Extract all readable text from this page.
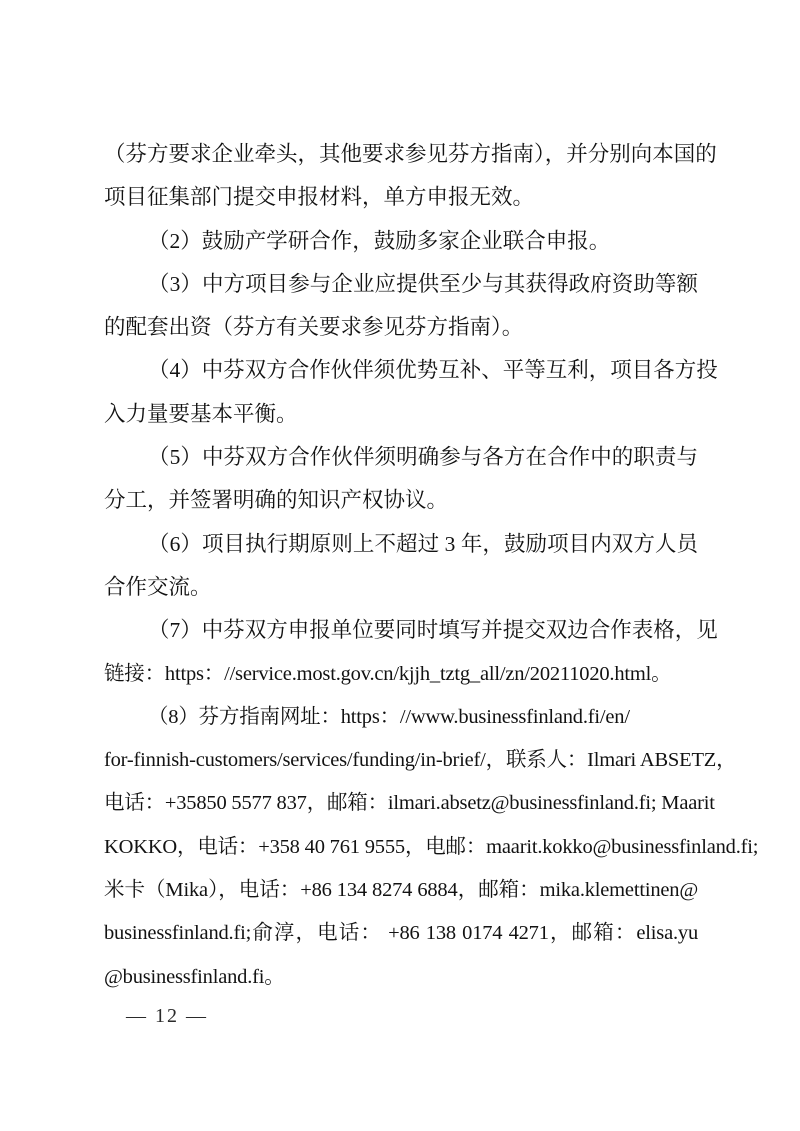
（芬方要求企业牵头，其他要求参见芬方指南），并分别向本国的
项目征集部门提交申报材料，单方申报无效。
（2）鼓励产学研合作，鼓励多家企业联合申报。
（3）中方项目参与企业应提供至少与其获得政府资助等额
的配套出资（芬方有关要求参见芬方指南）。
（4）中芬双方合作伙伴须优势互补、平等互利，项目各方投
入力量要基本平衡。
（5）中芬双方合作伙伴须明确参与各方在合作中的职责与
分工，并签署明确的知识产权协议。
（6）项目执行期原则上不超过 3 年，鼓励项目内双方人员
合作交流。
（7）中芬双方申报单位要同时填写并提交双边合作表格，见
链接：https：//service.most.gov.cn/kjjh_tztg_all/zn/20211020.html。
（8）芬方指南网址：https：//www.businessfinland.fi/en/
for-finnish-customers/services/funding/in-brief/，联系人：Ilmari ABSETZ，
电话：+35850 5577 837，邮箱：ilmari.absetz@businessfinland.fi; Maarit
KOKKO，电话：+358 40 761 9555，电邮：maarit.kokko@businessfinland.fi;
米卡（Mika），电话：+86 134 8274 6884，邮箱：mika.klemettinen@
businessfinland.fi;俞淳，电话： +86 138 0174 4271，邮箱：elisa.yu
@businessfinland.fi。
— 12 —
